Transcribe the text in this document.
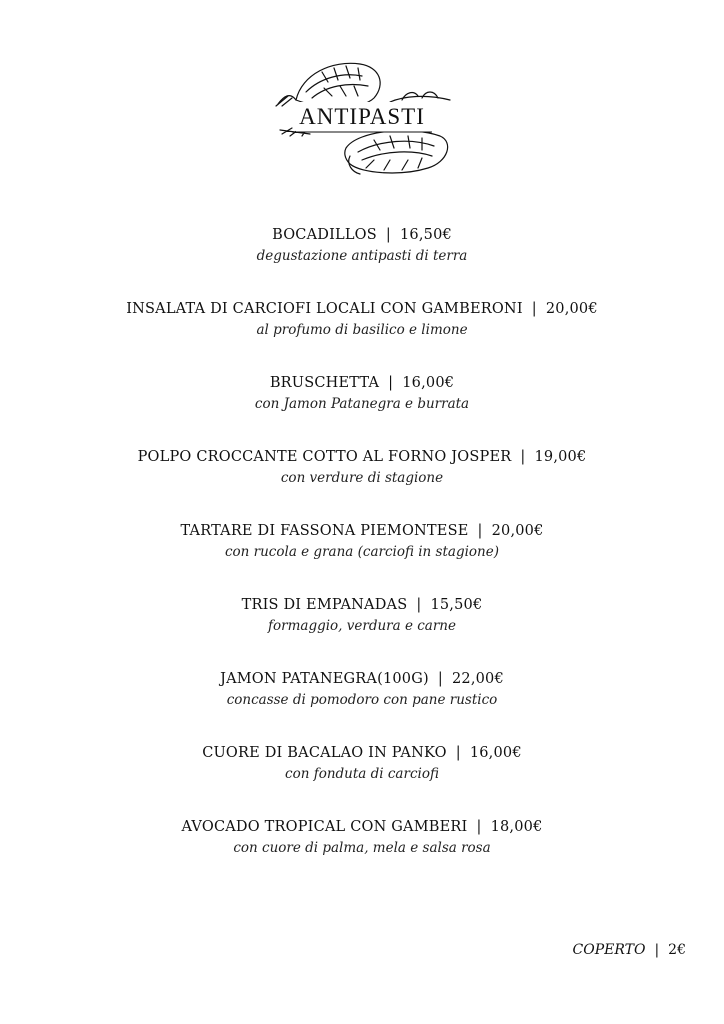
ANTIPASTI
BOCADILLOS | 16,50€
degustazione antipasti di terra
INSALATA DI CARCIOFI LOCALI CON GAMBERONI | 20,00€
al profumo di basilico e limone
BRUSCHETTA | 16,00€
con Jamon Patanegra e burrata
POLPO CROCCANTE COTTO AL FORNO JOSPER | 19,00€
con verdure di stagione
TARTARE DI FASSONA PIEMONTESE | 20,00€
con rucola e grana (carciofi in stagione)
TRIS DI EMPANADAS | 15,50€
formaggio, verdura e carne
JAMON PATANEGRA(100G) | 22,00€
concasse di pomodoro con pane rustico
CUORE DI BACALAO IN PANKO | 16,00€
con fonduta di carciofi
AVOCADO TROPICAL CON GAMBERI | 18,00€
con cuore di palma, mela e salsa rosa
COPERTO | 2€
